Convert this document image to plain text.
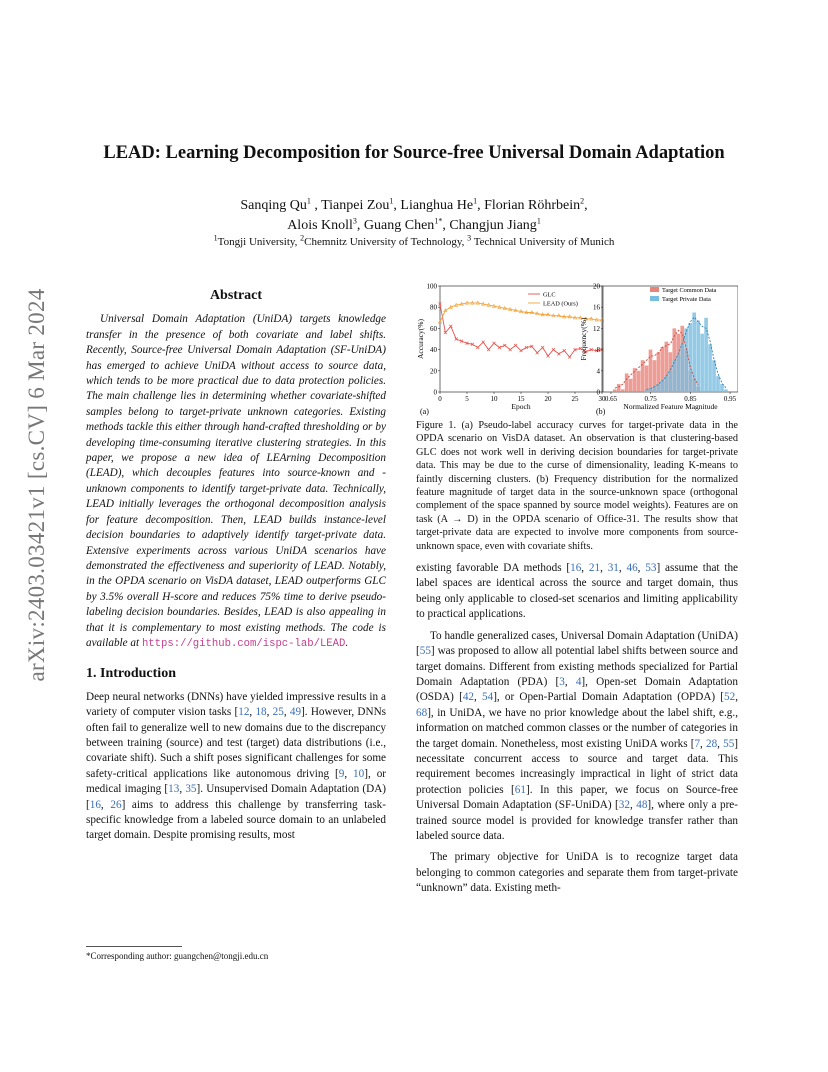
arXiv:2403.03421v1 [cs.CV] 6 Mar 2024
LEAD: Learning Decomposition for Source-free Universal Domain Adaptation
Sanqing Qu$^1$ , Tianpei Zou$^1$, Lianghua He$^1$, Florian Röhrbein$^2$,
Alois Knoll$^3$, Guang Chen$^{1*}$, Changjun Jiang$^1$
$^1$Tongji University, $^2$Chemnitz University of Technology, $^3$ Technical University of Munich
Abstract

Universal Domain Adaptation (UniDA) targets knowledge transfer in the presence of both covariate and label shifts. Recently, Source-free Universal Domain Adaptation (SF-UniDA) has emerged to achieve UniDA without access to source data, which tends to be more practical due to data protection policies. The main challenge lies in determining whether covariate-shifted samples belong to target-private unknown categories. Existing methods tackle this either through hand-crafted thresholding or by developing time-consuming iterative clustering strategies. In this paper, we propose a new idea of LEArning Decomposition (LEAD), which decouples features into source-known and -unknown components to identify target-private data. Technically, LEAD initially leverages the orthogonal decomposition analysis for feature decomposition. Then, LEAD builds instance-level decision boundaries to adaptively identify target-private data. Extensive experiments across various UniDA scenarios have demonstrated the effectiveness and superiority of LEAD. Notably, in the OPDA scenario on VisDA dataset, LEAD outperforms GLC by 3.5% overall H-score and reduces 75% time to derive pseudo-labeling decision boundaries. Besides, LEAD is also appealing in that it is complementary to most existing methods. The code is available at https://github.com/ispc-lab/LEAD.

1. Introduction

Deep neural networks (DNNs) have yielded impressive results in a variety of computer vision tasks [12, 18, 25, 49]. However, DNNs often fail to generalize well to new domains due to the discrepancy between training (source) and test (target) data distributions (i.e., covariate shift). Such a shift poses significant challenges for some safety-critical applications like autonomous driving [9, 10], or medical imaging [13, 35]. Unsupervised Domain Adaptation (DA) [16, 26] aims to address this challenge by transferring task-specific knowledge from a labeled source domain to an unlabeled target domain. Despite promising results, most

*Corresponding author: guangchen@tongji.edu.cn
0
20
40
60
80
100
0	5	10	15	20	25	30
Epoch
Accuracy(%)
GLC
LEAD (Ours)
(a)
0
4
8
12
16
20
0.65	0.75	0.85	0.95
Normalized Feature Magnitude
Frequency(%)
Target Common Data
Target Private Data
(b)
Figure 1. (a) Pseudo-label accuracy curves for target-private data in the OPDA scenario on VisDA dataset. An observation is that clustering-based GLC does not work well in deriving decision boundaries for target-private data. This may be due to the curse of dimensionality, leading K-means to faintly discerning clusters. (b) Frequency distribution for the normalized feature magnitude of target data in the source-unknown space (orthogonal complement of the space spanned by source model weights). Features are on task (A → D) in the OPDA scenario of Office-31. The results show that target-private data are expected to involve more components from source-unknown space, even with covariate shifts.

existing favorable DA methods [16, 21, 31, 46, 53] assume that the label spaces are identical across the source and target domain, thus being only applicable to closed-set scenarios and limiting applicability to practical applications.

To handle generalized cases, Universal Domain Adaptation (UniDA) [55] was proposed to allow all potential label shifts between source and target domains. Different from existing methods specialized for Partial Domain Adaptation (PDA) [3, 4], Open-set Domain Adaptation (OSDA) [42, 54], or Open-Partial Domain Adaptation (OPDA) [52, 68], in UniDA, we have no prior knowledge about the label shift, e.g., information on matched common classes or the number of categories in the target domain. Nonetheless, most existing UniDA works [7, 28, 55] necessitate concurrent access to source and target data. This requirement becomes increasingly impractical in light of strict data protection policies [61]. In this paper, we focus on Source-free Universal Domain Adaptation (SF-UniDA) [32, 48], where only a pre-trained source model is provided for knowledge transfer rather than labeled source data.

The primary objective for UniDA is to recognize target data belonging to common categories and separate them from target-private “unknown” data. Existing meth-
